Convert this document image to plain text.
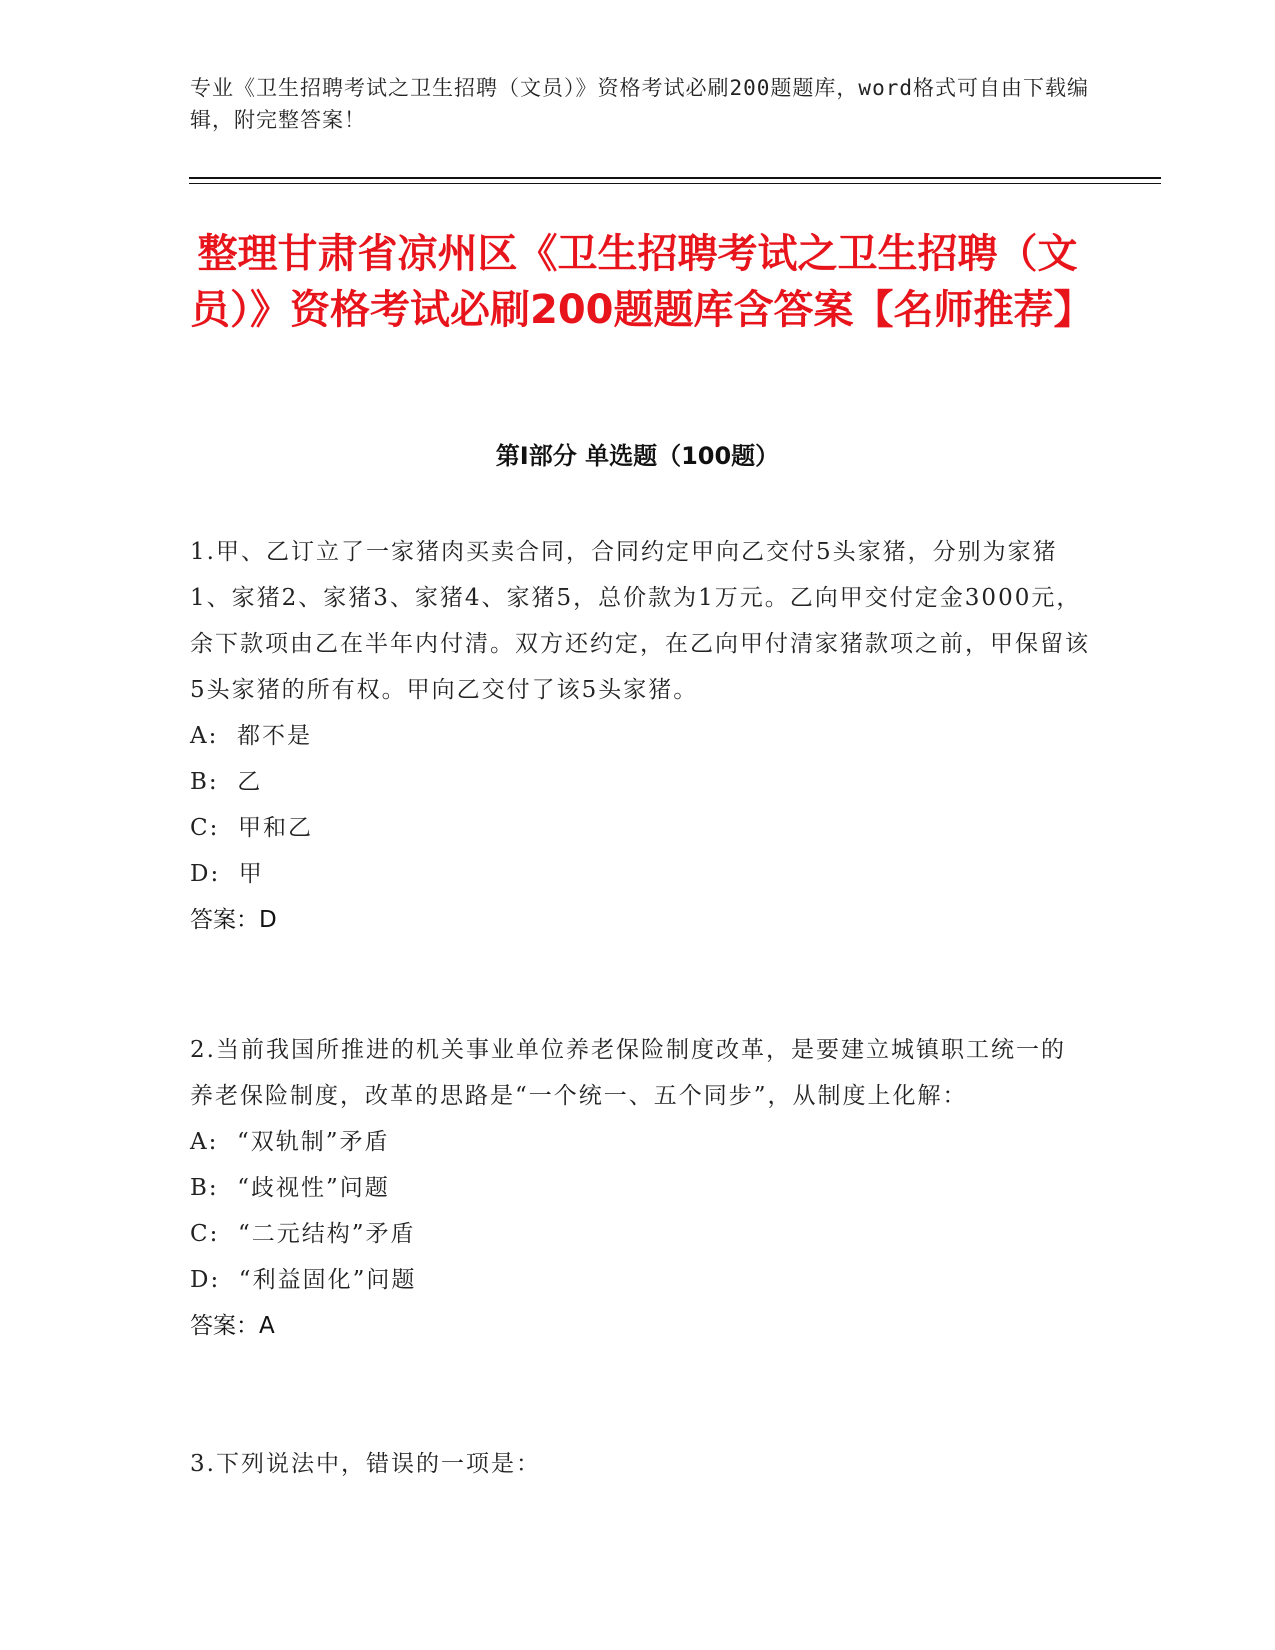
专业《卫生招聘考试之卫生招聘（文员）》资格考试必刷200题题库，word格式可自由下载编辑，附完整答案！
整理甘肃省凉州区《卫生招聘考试之卫生招聘（文员）》资格考试必刷200题题库含答案【名师推荐】
第Ⅰ部分 单选题（100题）

1.甲、乙订立了一家猪肉买卖合同，合同约定甲向乙交付5头家猪，分别为家猪1、家猪2、家猪3、家猪4、家猪5，总价款为1万元。乙向甲交付定金3000元，余下款项由乙在半年内付清。双方还约定，在乙向甲付清家猪款项之前，甲保留该5头家猪的所有权。甲向乙交付了该5头家猪。

A:  都不是

B:  乙

C:  甲和乙

D:  甲

答案：D

2.当前我国所推进的机关事业单位养老保险制度改革，是要建立城镇职工统一的养老保险制度，改革的思路是“一个统一、五个同步”，从制度上化解：

A:  “双轨制”矛盾

B:  “歧视性”问题

C:  “二元结构”矛盾

D:  “利益固化”问题

答案：A

3.下列说法中，错误的一项是：
